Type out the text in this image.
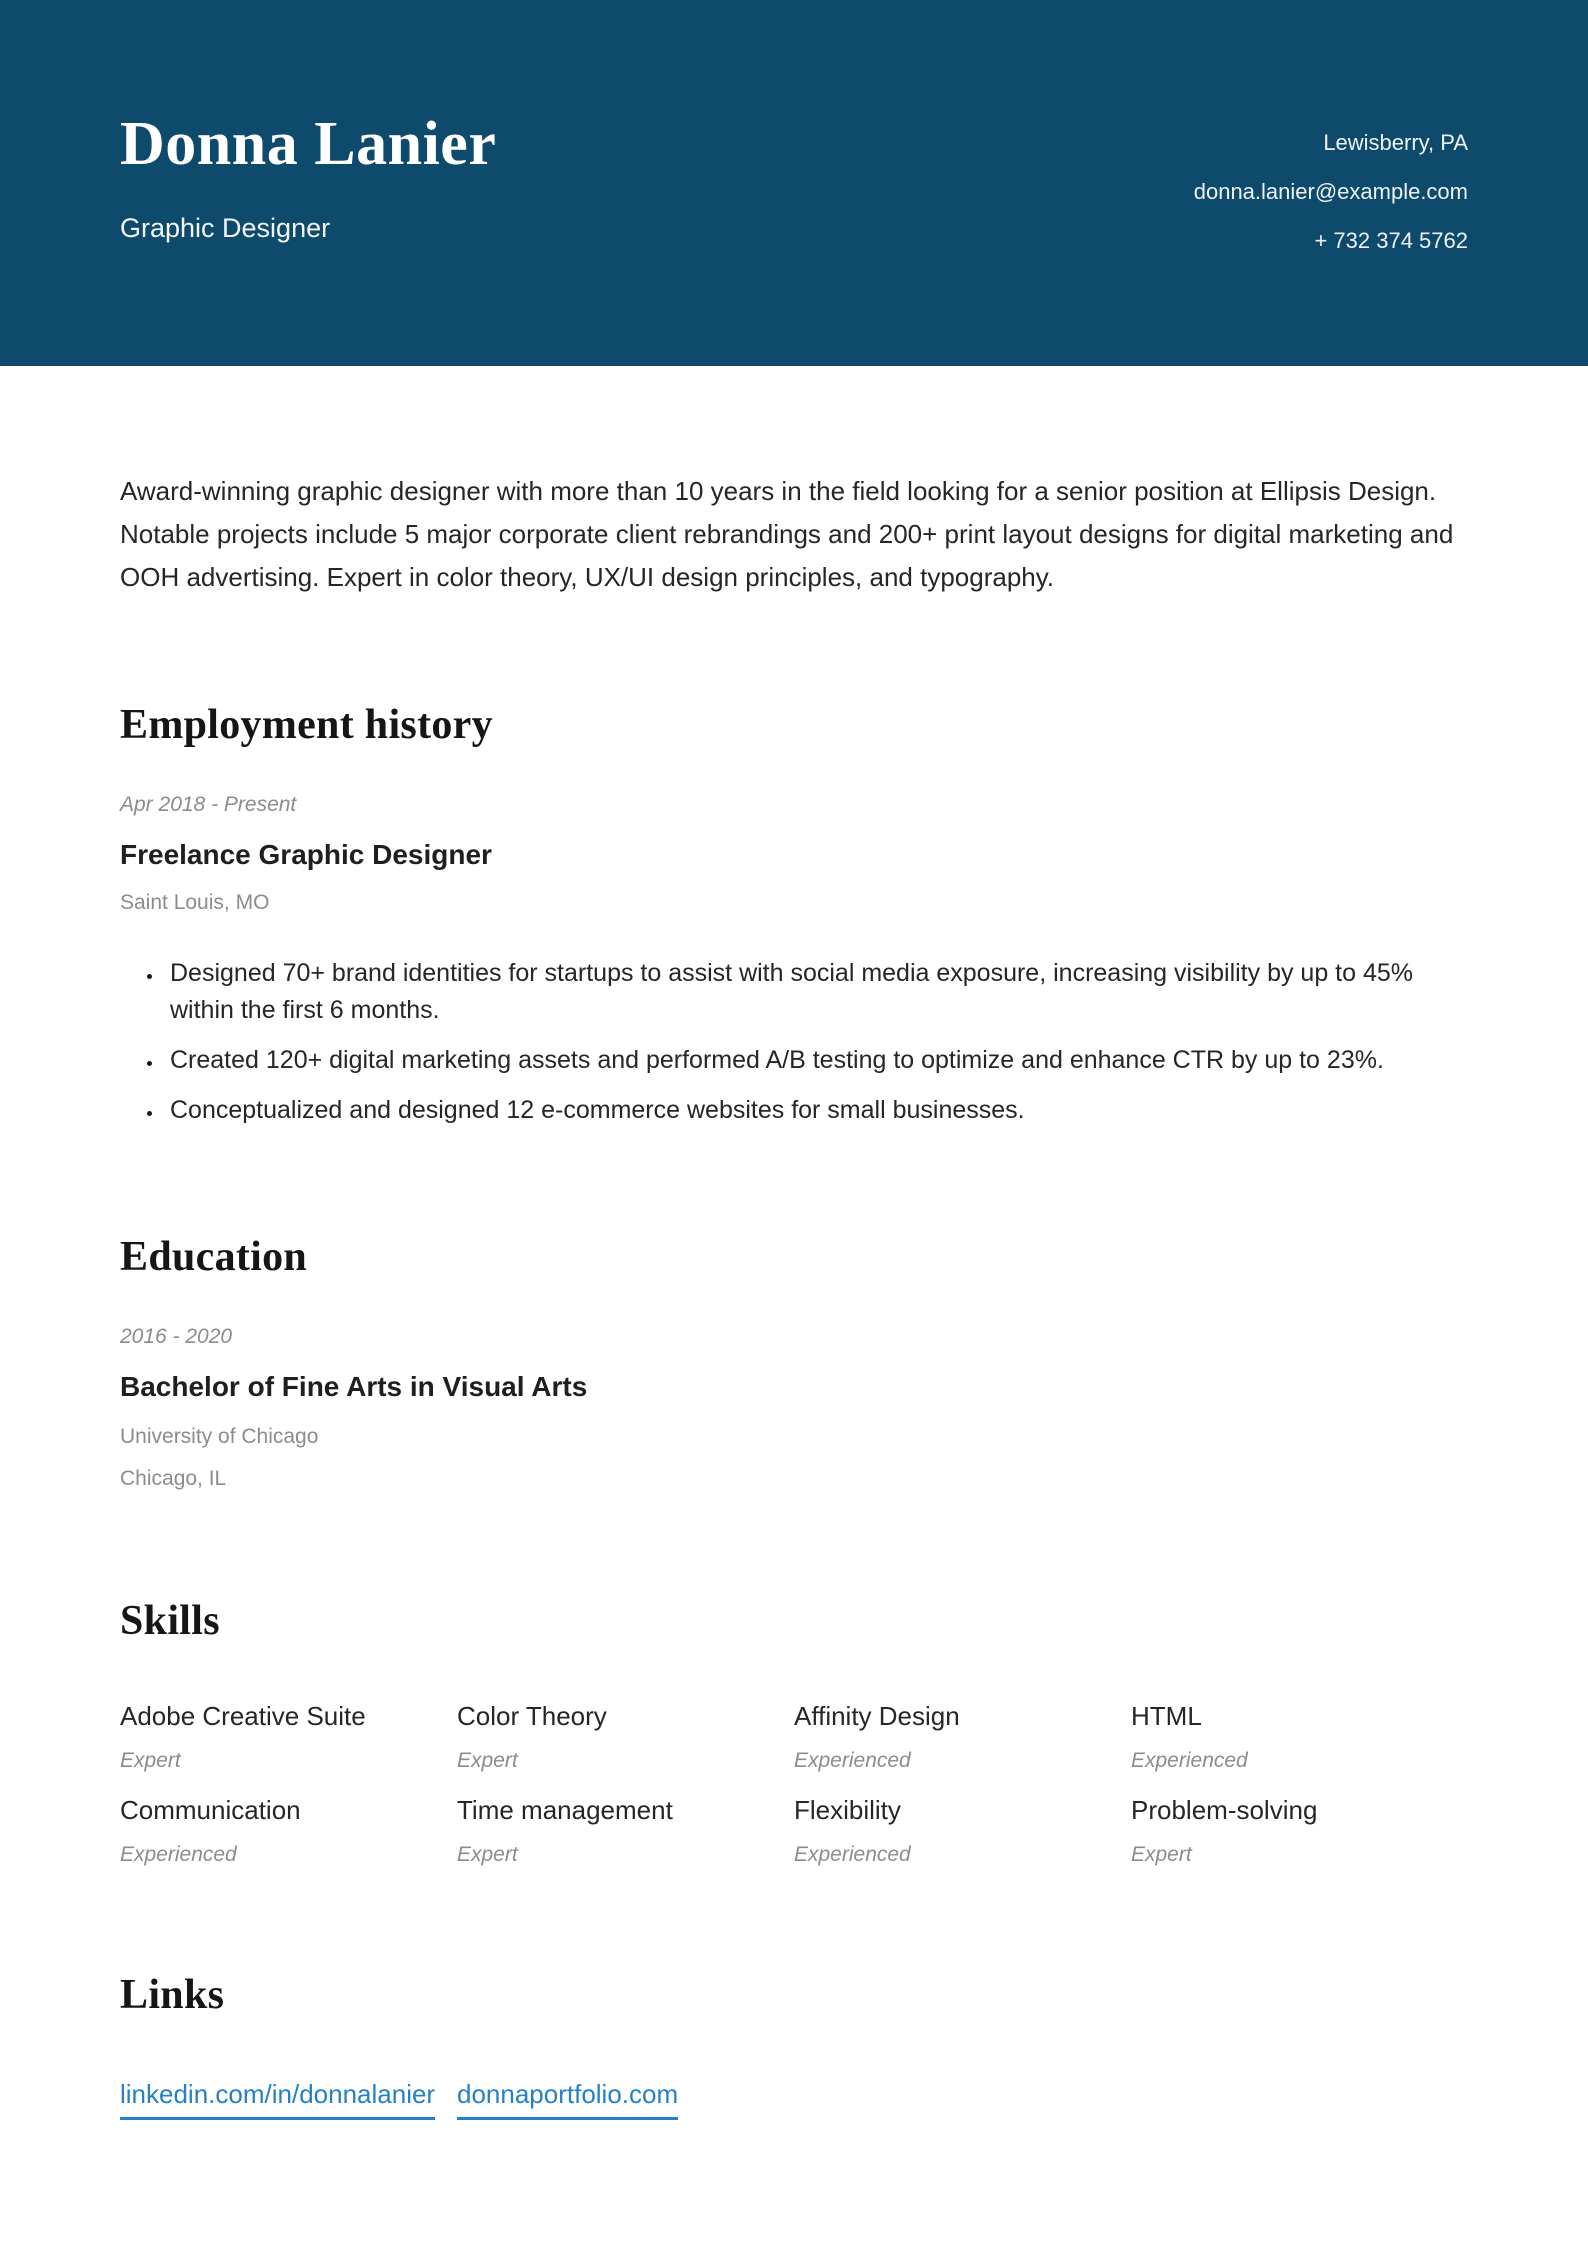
Donna Lanier
Graphic Designer
Lewisberry, PA
donna.lanier@example.com
+ 732 374 5762

Award-winning graphic designer with more than 10 years in the field looking for a senior position at Ellipsis Design. Notable projects include 5 major corporate client rebrandings and 200+ print layout designs for digital marketing and OOH advertising. Expert in color theory, UX/UI design principles, and typography.

Employment history
Apr 2018 - Present
Freelance Graphic Designer
Saint Louis, MO
• Designed 70+ brand identities for startups to assist with social media exposure, increasing visibility by up to 45% within the first 6 months.
• Created 120+ digital marketing assets and performed A/B testing to optimize and enhance CTR by up to 23%.
• Conceptualized and designed 12 e-commerce websites for small businesses.
Education
2016 - 2020
Bachelor of Fine Arts in Visual Arts
University of Chicago
Chicago, IL
Skills
Adobe Creative Suite
Expert
Color Theory
Expert
Affinity Design
Experienced
HTML
Experienced
Communication
Experienced
Time management
Expert
Flexibility
Experienced
Problem-solving
Expert
Links
linkedin.com/in/donnalanier donnaportfolio.com
